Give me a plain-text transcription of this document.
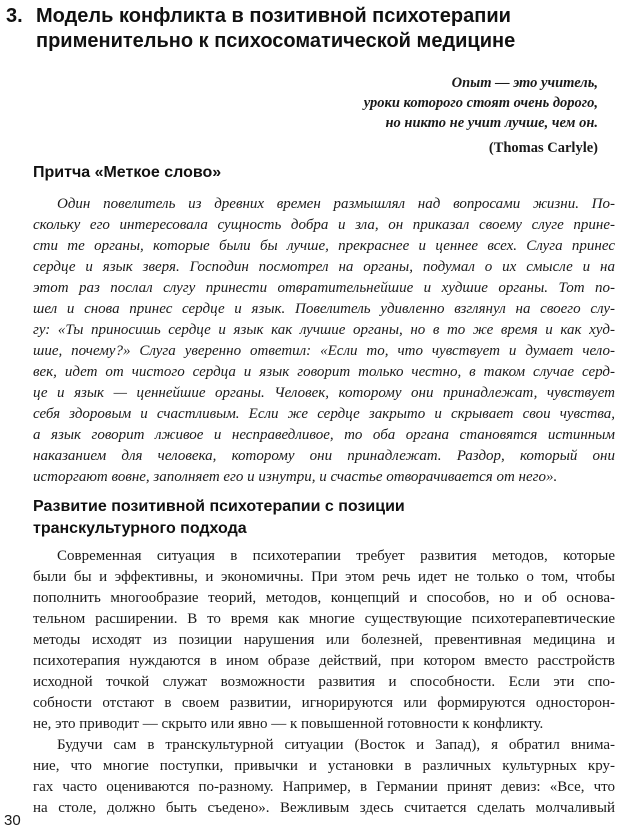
3. Модель конфликта в позитивной психотерапии
применительно к психосоматической медицине
Опыт — это учитель,
уроки которого стоят очень дорого,
но никто не учит лучше, чем он.
(Thomas Carlyle)
Притча «Меткое слово»
Один повелитель из древних времен размышлял над вопросами жизни. По-
скольку его интересовала сущность добра и зла, он приказал своему слуге прине-
сти те органы, которые были бы лучше, прекраснее и ценнее всех. Слуга принес
сердце и язык зверя. Господин посмотрел на органы, подумал о их смысле и на
этот раз послал слугу принести отвратительнейшие и худшие органы. Тот по-
шел и снова принес сердце и язык. Повелитель удивленно взглянул на своего слу-
гу: «Ты приносишь сердце и язык как лучшие органы, но в то же время и как худ-
шие, почему?» Слуга уверенно ответил: «Если то, что чувствует и думает чело-
век, идет от чистого сердца и язык говорит только честно, в таком случае серд-
це и язык — ценнейшие органы. Человек, которому они принадлежат, чувствует
себя здоровым и счастливым. Если же сердце закрыто и скрывает свои чувства,
а язык говорит лживое и несправедливое, то оба органа становятся истинным
наказанием для человека, которому они принадлежат. Раздор, который они
исторгают вовне, заполняет его и изнутри, и счастье отворачивается от него».
Развитие позитивной психотерапии с позиции
транскультурного подхода
Современная ситуация в психотерапии требует развития методов, которые
были бы и эффективны, и экономичны. При этом речь идет не только о том, чтобы
пополнить многообразие теорий, методов, концепций и способов, но и об основа-
тельном расширении. В то время как многие существующие психотерапевтические
методы исходят из позиции нарушения или болезней, превентивная медицина и
психотерапия нуждаются в ином образе действий, при котором вместо расстройств
исходной точкой служат возможности развития и способности. Если эти спо-
собности отстают в своем развитии, игнорируются или формируются односторон-
не, это приводит — скрыто или явно — к повышенной готовности к конфликту.
Будучи сам в транскультурной ситуации (Восток и Запад), я обратил внима-
ние, что многие поступки, привычки и установки в различных культурных кру-
гах часто оцениваются по-разному. Например, в Германии принят девиз: «Все, что
на столе, должно быть съедено». Вежливым здесь считается сделать молчаливый
30
